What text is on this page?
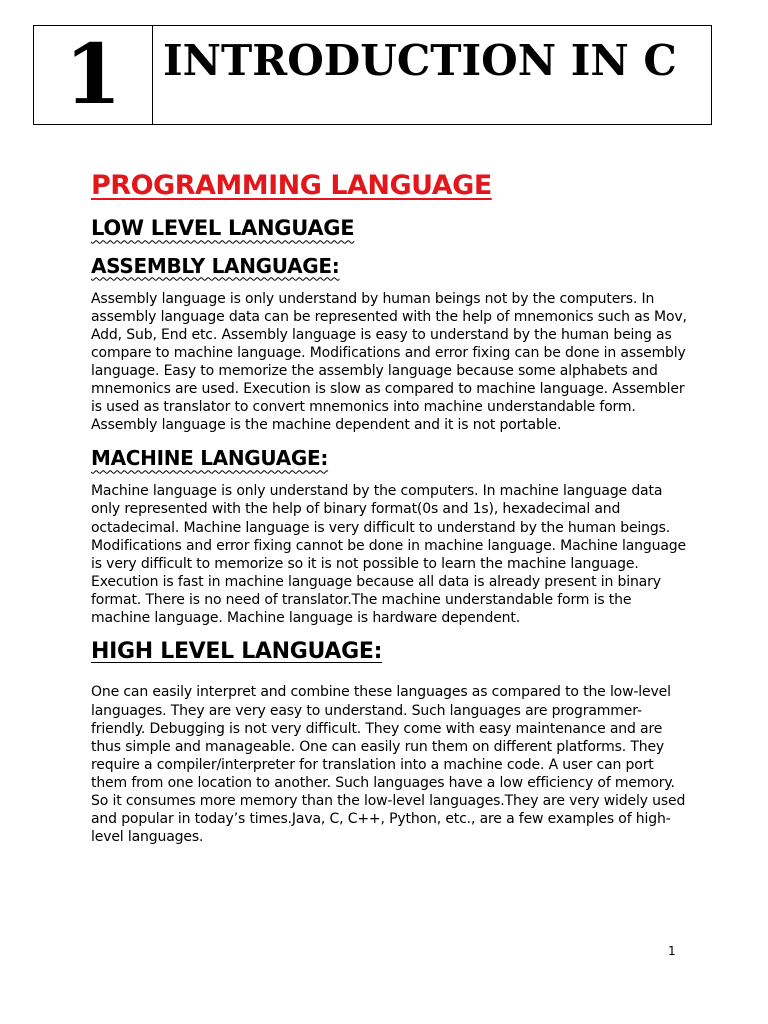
1 INTRODUCTION IN C
PROGRAMMING LANGUAGE
LOW LEVEL LANGUAGE
ASSEMBLY LANGUAGE:

Assembly language is only understand by human beings not by the computers. In assembly language data can be represented with the help of mnemonics such as Mov, Add, Sub, End etc. Assembly language is easy to understand by the human being as compare to machine language. Modifications and error fixing can be done in assembly language. Easy to memorize the assembly language because some alphabets and mnemonics are used. Execution is slow as compared to machine language. Assembler is used as translator to convert mnemonics into machine understandable form. Assembly language is the machine dependent and it is not portable.

MACHINE LANGUAGE:

Machine language is only understand by the computers. In machine language data only represented with the help of binary format(0s and 1s), hexadecimal and octadecimal. Machine language is very difficult to understand by the human beings. Modifications and error fixing cannot be done in machine language. Machine language is very difficult to memorize so it is not possible to learn the machine language. Execution is fast in machine language because all data is already present in binary format. There is no need of translator.The machine understandable form is the machine language. Machine language is hardware dependent.

HIGH LEVEL LANGUAGE:

One can easily interpret and combine these languages as compared to the low-level languages. They are very easy to understand. Such languages are programmer-friendly. Debugging is not very difficult. They come with easy maintenance and are thus simple and manageable. One can easily run them on different platforms. They require a compiler/interpreter for translation into a machine code. A user can port them from one location to another. Such languages have a low efficiency of memory. So it consumes more memory than the low-level languages.They are very widely used and popular in today’s times.Java, C, C++, Python, etc., are a few examples of high-level languages.

1
